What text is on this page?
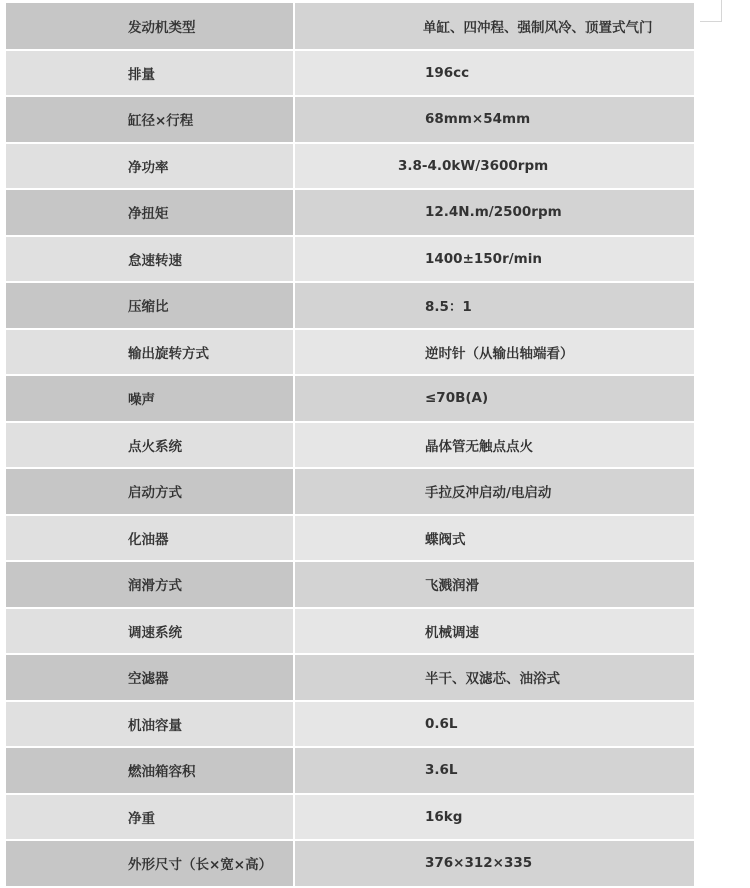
发动机类型	单缸、四冲程、强制风冷、顶置式气门
排量	196cc
缸径×行程	68mm×54mm
净功率	3.8-4.0kW/3600rpm
净扭矩	12.4N.m/2500rpm
怠速转速	1400±150r/min
压缩比	8.5：1
输出旋转方式	逆时针（从输出轴端看）
噪声	≤70B(A)
点火系统	晶体管无触点点火
启动方式	手拉反冲启动/电启动
化油器	蝶阀式
润滑方式	飞溅润滑
调速系统	机械调速
空滤器	半干、双滤芯、油浴式
机油容量	0.6L
燃油箱容积	3.6L
净重	16kg
外形尺寸（长×宽×高）	376×312×335
